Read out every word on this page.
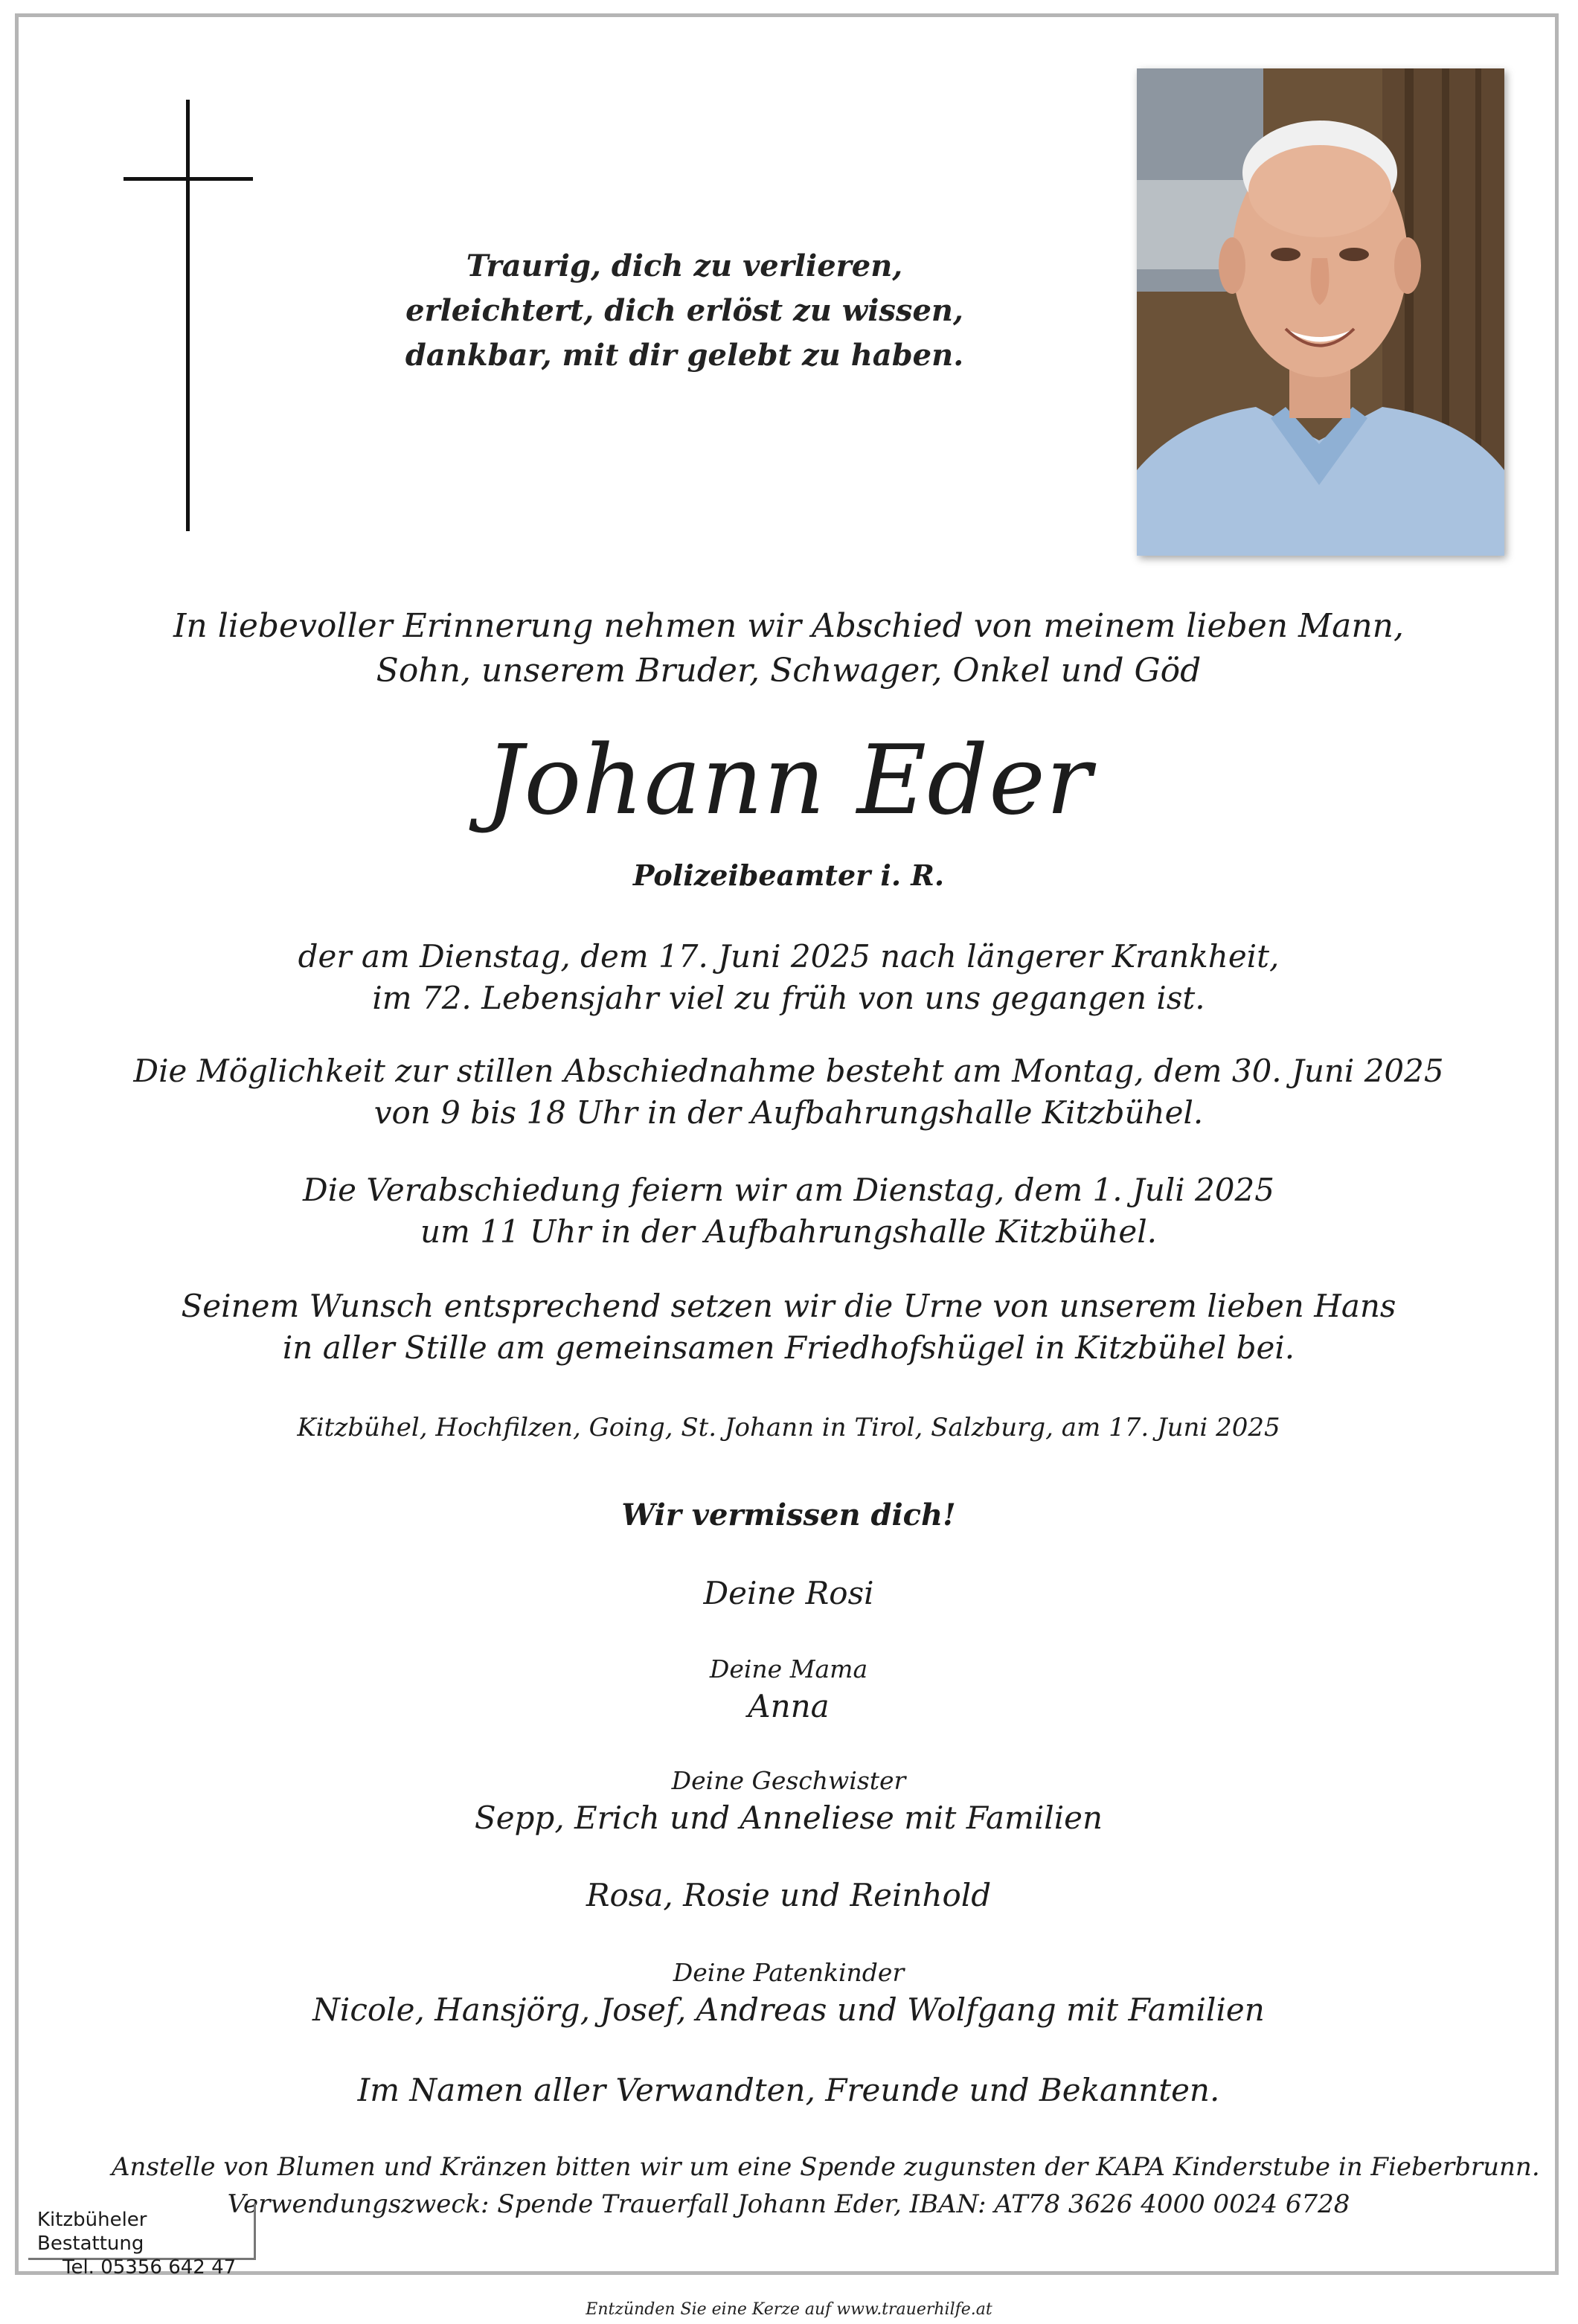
Traurig, dich zu verlieren,
erleichtert, dich erlöst zu wissen,
dankbar, mit dir gelebt zu haben.
In liebevoller Erinnerung nehmen wir Abschied von meinem lieben Mann,
Sohn, unserem Bruder, Schwager, Onkel und Göd
Johann Eder
Polizeibeamter i. R.
der am Dienstag, dem 17. Juni 2025 nach längerer Krankheit,
im 72. Lebensjahr viel zu früh von uns gegangen ist.
Die Möglichkeit zur stillen Abschiednahme besteht am Montag, dem 30. Juni 2025
von 9 bis 18 Uhr in der Aufbahrungshalle Kitzbühel.
Die Verabschiedung feiern wir am Dienstag, dem 1. Juli 2025
um 11 Uhr in der Aufbahrungshalle Kitzbühel.
Seinem Wunsch entsprechend setzen wir die Urne von unserem lieben Hans
in aller Stille am gemeinsamen Friedhofshügel in Kitzbühel bei.
Kitzbühel, Hochfilzen, Going, St. Johann in Tirol, Salzburg, am 17. Juni 2025
Wir vermissen dich!
Deine Rosi
Deine Mama
Anna
Deine Geschwister
Sepp, Erich und Anneliese mit Familien
Rosa, Rosie und Reinhold
Deine Patenkinder
Nicole, Hansjörg, Josef, Andreas und Wolfgang mit Familien
Im Namen aller Verwandten, Freunde und Bekannten.
Anstelle von Blumen und Kränzen bitten wir um eine Spende zugunsten der KAPA Kinderstube in Fieberbrunn.
Verwendungszweck: Spende Trauerfall Johann Eder, IBAN: AT78 3626 4000 0024 6728
Kitzbüheler Bestattung
Tel. 05356 642 47
Entzünden Sie eine Kerze auf www.trauerhilfe.at
